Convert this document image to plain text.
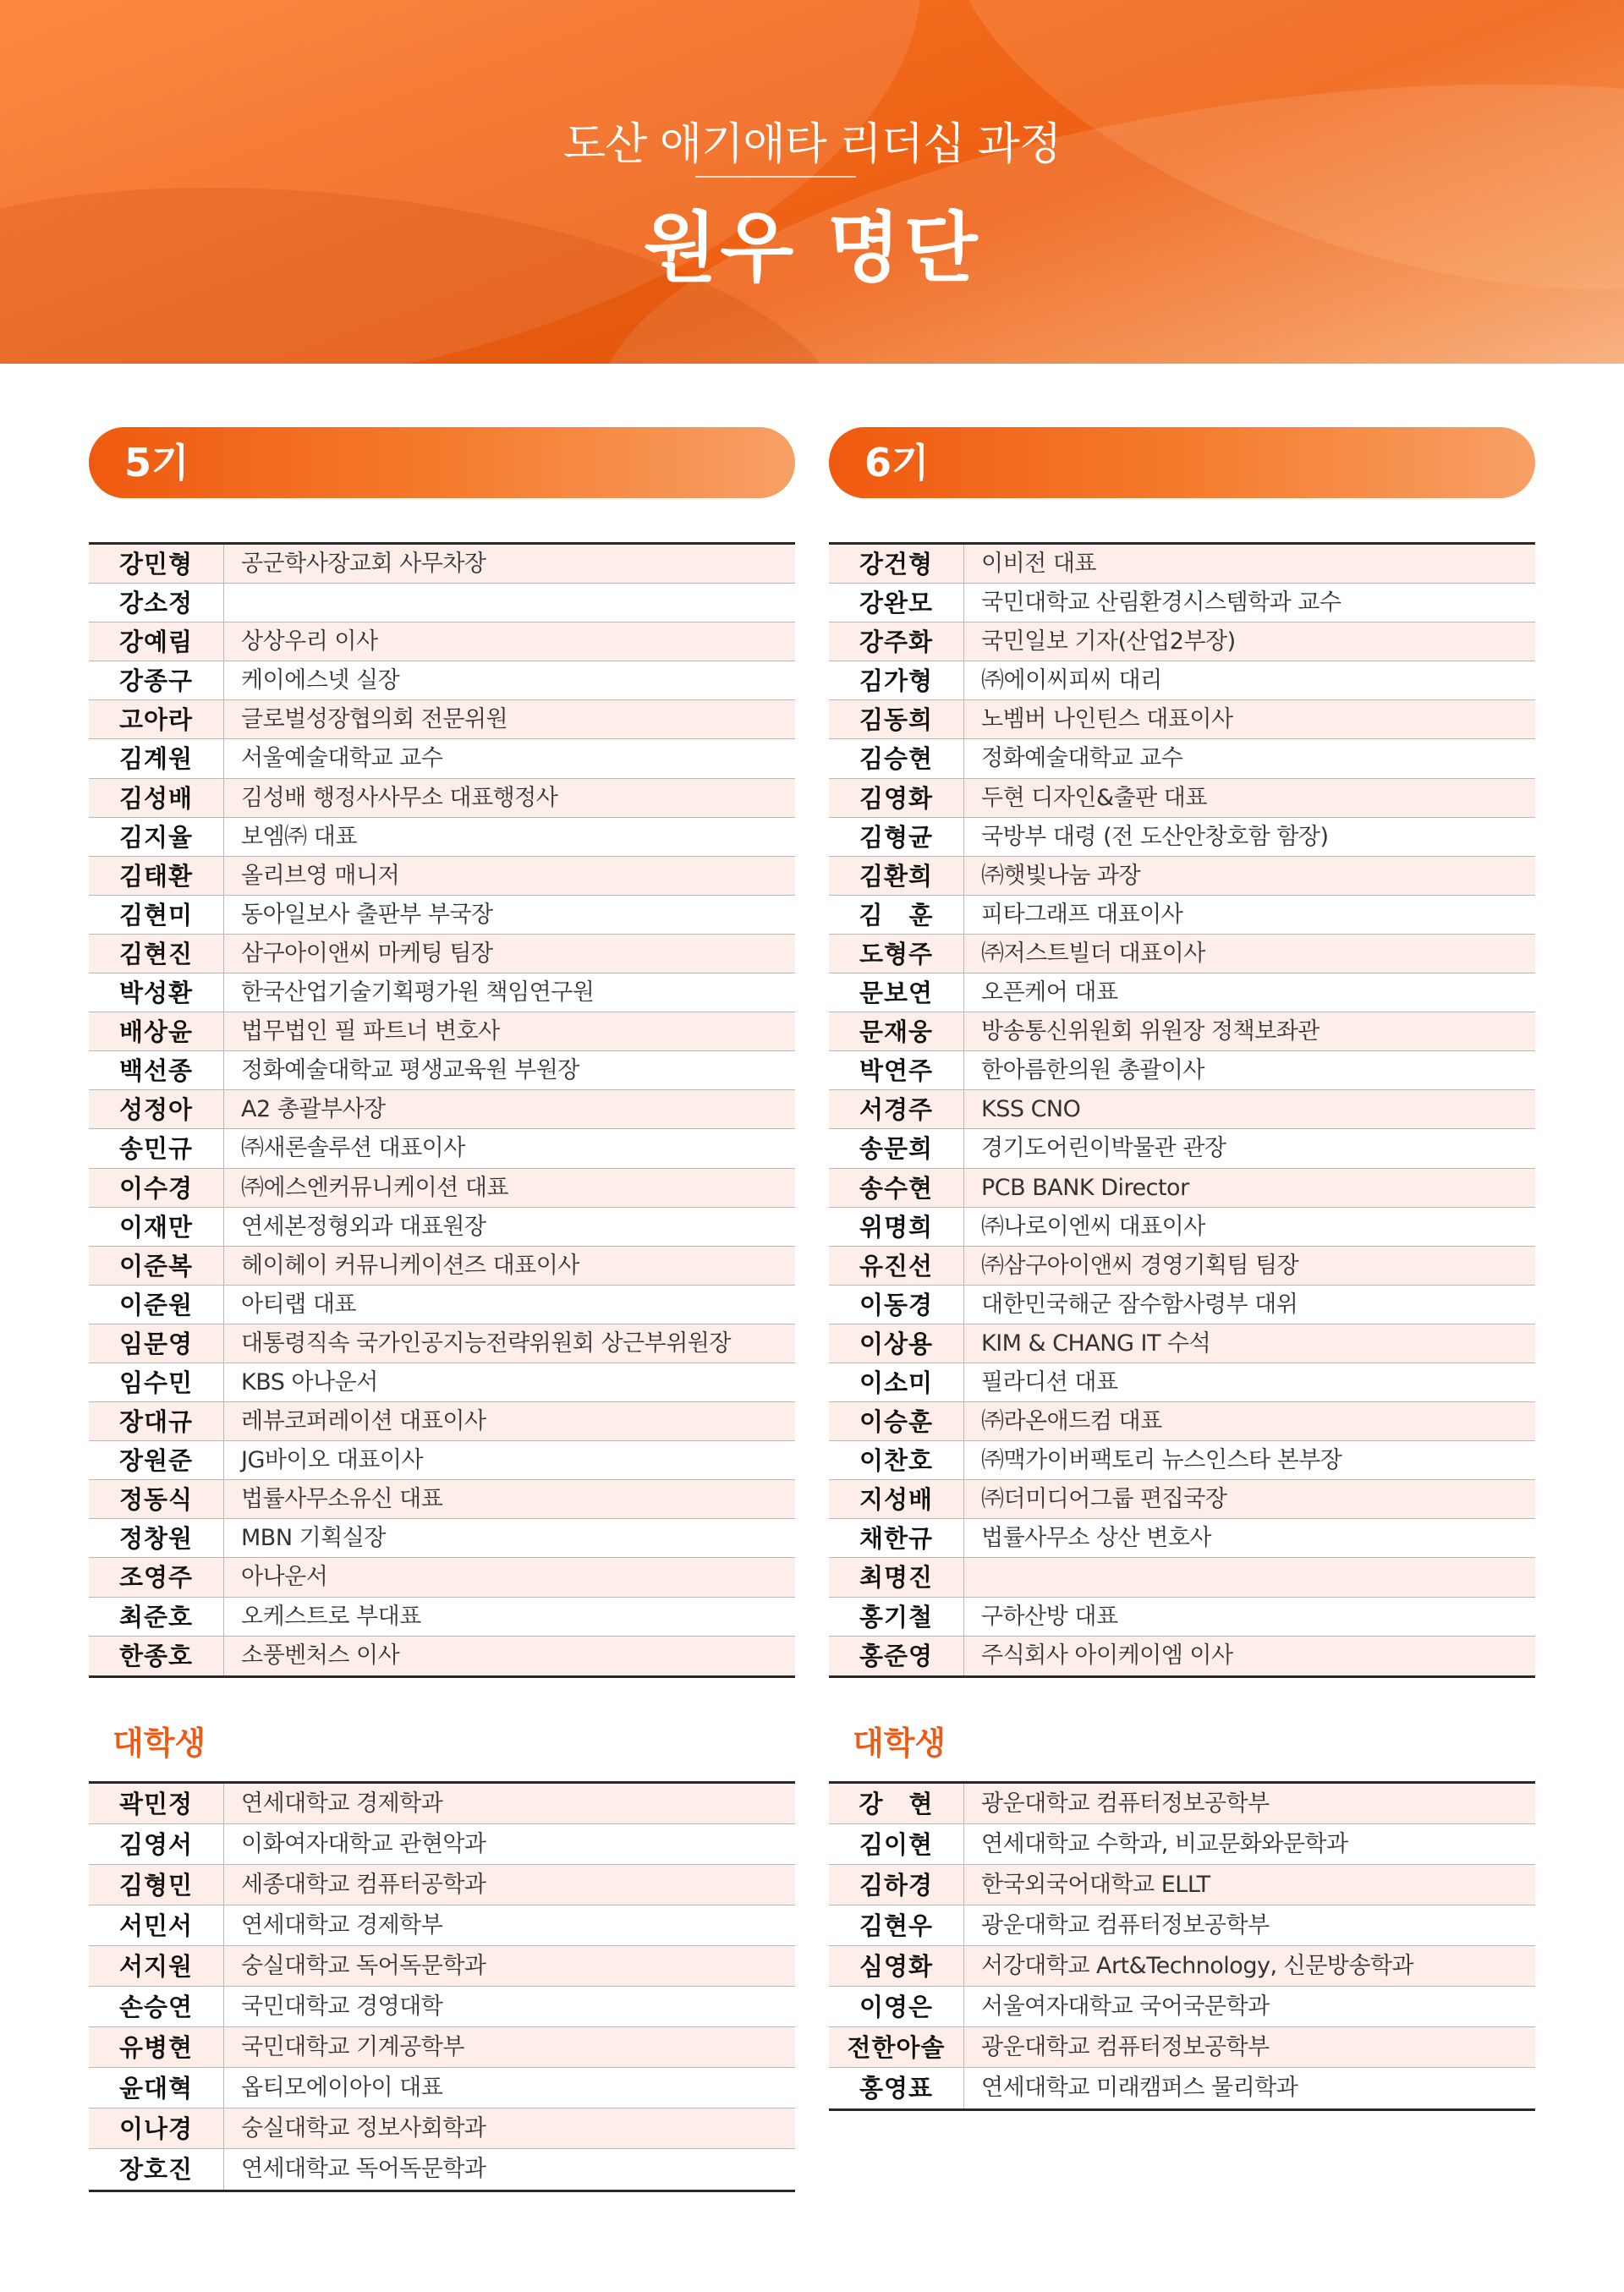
도산 애기애타 리더십 과정
원우 명단
5기
강민형	공군학사장교회 사무차장
강소정
강예림	상상우리 이사
강종구	케이에스넷 실장
고아라	글로벌성장협의회 전문위원
김계원	서울예술대학교 교수
김성배	김성배 행정사사무소 대표행정사
김지율	보엠㈜ 대표
김태환	올리브영 매니저
김현미	동아일보사 출판부 부국장
김현진	삼구아이앤씨 마케팅 팀장
박성환	한국산업기술기획평가원 책임연구원
배상윤	법무법인 필 파트너 변호사
백선종	정화예술대학교 평생교육원 부원장
성정아	A2 총괄부사장
송민규	㈜새론솔루션 대표이사
이수경	㈜에스엔커뮤니케이션 대표
이재만	연세본정형외과 대표원장
이준복	헤이헤이 커뮤니케이션즈 대표이사
이준원	아티랩 대표
임문영	대통령직속 국가인공지능전략위원회 상근부위원장
임수민	KBS 아나운서
장대규	레뷰코퍼레이션 대표이사
장원준	JG바이오 대표이사
정동식	법률사무소유신 대표
정창원	MBN 기획실장
조영주	아나운서
최준호	오케스트로 부대표
한종호	소풍벤처스 이사
대학생
곽민정	연세대학교 경제학과
김영서	이화여자대학교 관현악과
김형민	세종대학교 컴퓨터공학과
서민서	연세대학교 경제학부
서지원	숭실대학교 독어독문학과
손승연	국민대학교 경영대학
유병현	국민대학교 기계공학부
윤대혁	옵티모에이아이 대표
이나경	숭실대학교 정보사회학과
장호진	연세대학교 독어독문학과
6기
강건형	이비전 대표
강완모	국민대학교 산림환경시스템학과 교수
강주화	국민일보 기자(산업2부장)
김가형	㈜에이씨피씨 대리
김동희	노벰버 나인틴스 대표이사
김승현	정화예술대학교 교수
김영화	두현 디자인&출판 대표
김형균	국방부 대령 (전 도산안창호함 함장)
김환희	㈜햇빛나눔 과장
김　훈	피타그래프 대표이사
도형주	㈜저스트빌더 대표이사
문보연	오픈케어 대표
문재웅	방송통신위원회 위원장 정책보좌관
박연주	한아름한의원 총괄이사
서경주	KSS CNO
송문희	경기도어린이박물관 관장
송수현	PCB BANK Director
위명희	㈜나로이엔씨 대표이사
유진선	㈜삼구아이앤씨 경영기획팀 팀장
이동경	대한민국해군 잠수함사령부 대위
이상용	KIM & CHANG IT 수석
이소미	필라디션 대표
이승훈	㈜라온애드컴 대표
이찬호	㈜맥가이버팩토리 뉴스인스타 본부장
지성배	㈜더미디어그룹 편집국장
채한규	법률사무소 상산 변호사
최명진
홍기철	구하산방 대표
홍준영	주식회사 아이케이엠 이사
대학생
강　현	광운대학교 컴퓨터정보공학부
김이현	연세대학교 수학과, 비교문화와문학과
김하경	한국외국어대학교 ELLT
김현우	광운대학교 컴퓨터정보공학부
심영화	서강대학교 Art&Technology, 신문방송학과
이영은	서울여자대학교 국어국문학과
전한아솔	광운대학교 컴퓨터정보공학부
홍영표	연세대학교 미래캠퍼스 물리학과
